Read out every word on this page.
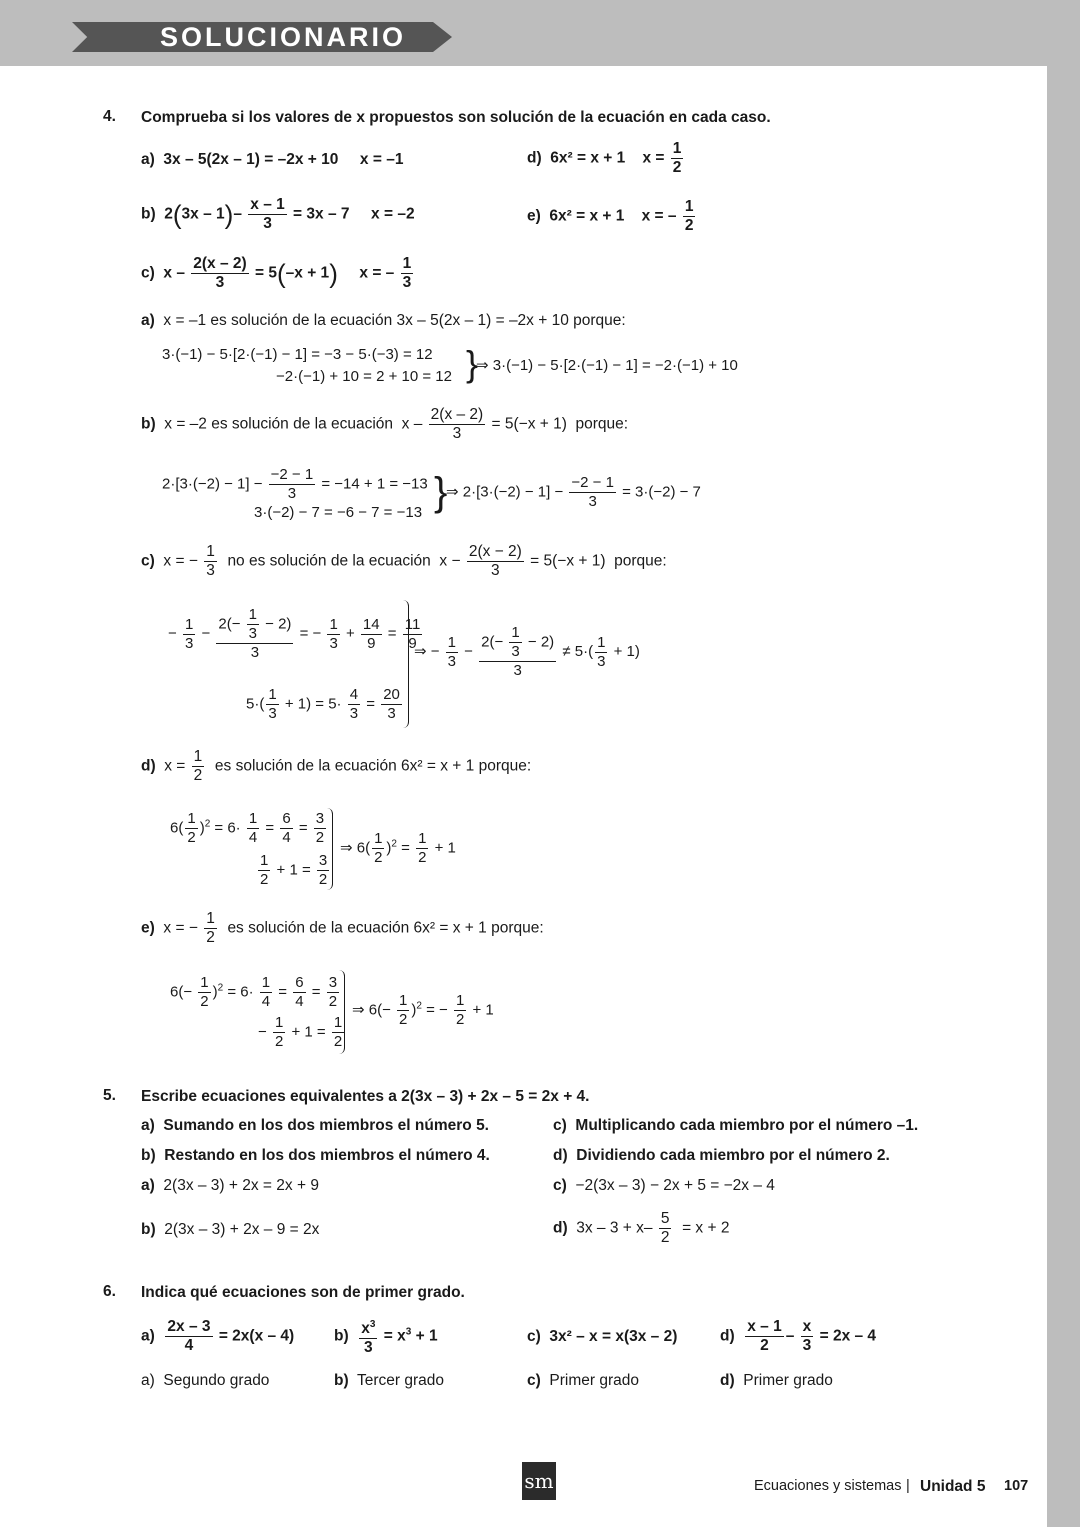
SOLUCIONARIO
4. Comprueba si los valores de x propuestos son solución de la ecuación en cada caso.
a) 3x – 5(2x – 1) = –2x + 10 x = –1	d) 6x² = x + 1    $x = \frac{1}{2}$
b)  $2(3x - 1)- \frac{x - 1}{3} = 3x - 7$     x = –2	e) 6x² = x + 1    x = – $\frac{1}{2}$
c)  $x - \frac{2(x - 2)}{3} = 5(-x + 1)$     x = – $\frac{1}{3}$
a) x = –1 es solución de la ecuación 3x – 5(2x – 1) = –2x + 10 porque:
3·(−1) − 5·[2·(−1) − 1] = −3 − 5·(−3) = 12
−2·(−1) + 10 = 2 + 10 = 12 }
⇒ 3·(−1) − 5·[2·(−1) − 1] = −2·(−1) + 10
b) x = –2 es solución de la ecuación  $x - \frac{2(x - 2)}{3} = 5(-x + 1)$  porque:
$2\cdot[3\cdot(-2) - 1] - \frac{-2 - 1}{3} = -14 + 1 = -13$
3·(−2) − 7 = −6 − 7 = −13 }
⇒ $2\cdot[3\cdot(-2) - 1] - \frac{-2 - 1}{3} = 3\cdot(-2) - 7$
c)  x = − $\frac{1}{3}$ no es solución de la ecuación  $x - \frac{2(x - 2)}{3} = 5(-x + 1)$  porque:
− $\frac{1}{3} - \frac{2(- \frac{1}{3} - 2)}{3}$ = − $\frac{1}{3} + \frac{14}{9} = \frac{11}{9}$
$5\cdot( \frac{1}{3} + 1) = 5\cdot \frac{4}{3} = \frac{20}{3}$
⇒ − $\frac{1}{3} - \frac{2(- \frac{1}{3} - 2)}{3} \ne 5\cdot( \frac{1}{3} + 1)$
d)  $x = \frac{1}{2}$ es solución de la ecuación 6x² = x + 1 porque:
$6( \frac{1}{2} )^2 = 6\cdot \frac{1}{4} = \frac{6}{4} = \frac{3}{2}$
$\frac{1}{2} + 1 = \frac{3}{2}$
⇒ $6( \frac{1}{2} )^2 = \frac{1}{2} + 1$
e)  x = − $\frac{1}{2}$ es solución de la ecuación 6x² = x + 1 porque:
$6(- \frac{1}{2} )^2 = 6\cdot \frac{1}{4} = \frac{6}{4} = \frac{3}{2}$
− $\frac{1}{2} + 1 = \frac{1}{2}$
⇒ $6(- \frac{1}{2} )^2$ = − $\frac{1}{2} + 1$
5. Escribe ecuaciones equivalentes a 2(3x – 3) + 2x – 5 = 2x + 4.
a) Sumando en los dos miembros el número 5.	c) Multiplicando cada miembro por el número –1.
b) Restando en los dos miembros el número 4.	d) Dividiendo cada miembro por el número 2.
a) 2(3x – 3) + 2x = 2x + 9	c) −2(3x – 3) − 2x + 5 = −2x – 4
b) 2(3x – 3) + 2x – 9 = 2x	d)  $3x - 3 + x- \frac{5}{2} = x + 2$
6. Indica qué ecuaciones son de primer grado.
$a) \frac{2x - 3}{4} = 2x(x - 4)$	$b) \frac{x^3}{3} = x^3 + 1$	c)  3x² – x = x(3x – 2)	$d) \frac{x - 1}{2} - \frac{x}{3} = 2x - 4$
a) Segundo grado	b) Tercer grado	c) Primer grado	d) Primer grado
sm	Ecuaciones y sistemas | Unidad 5 107
